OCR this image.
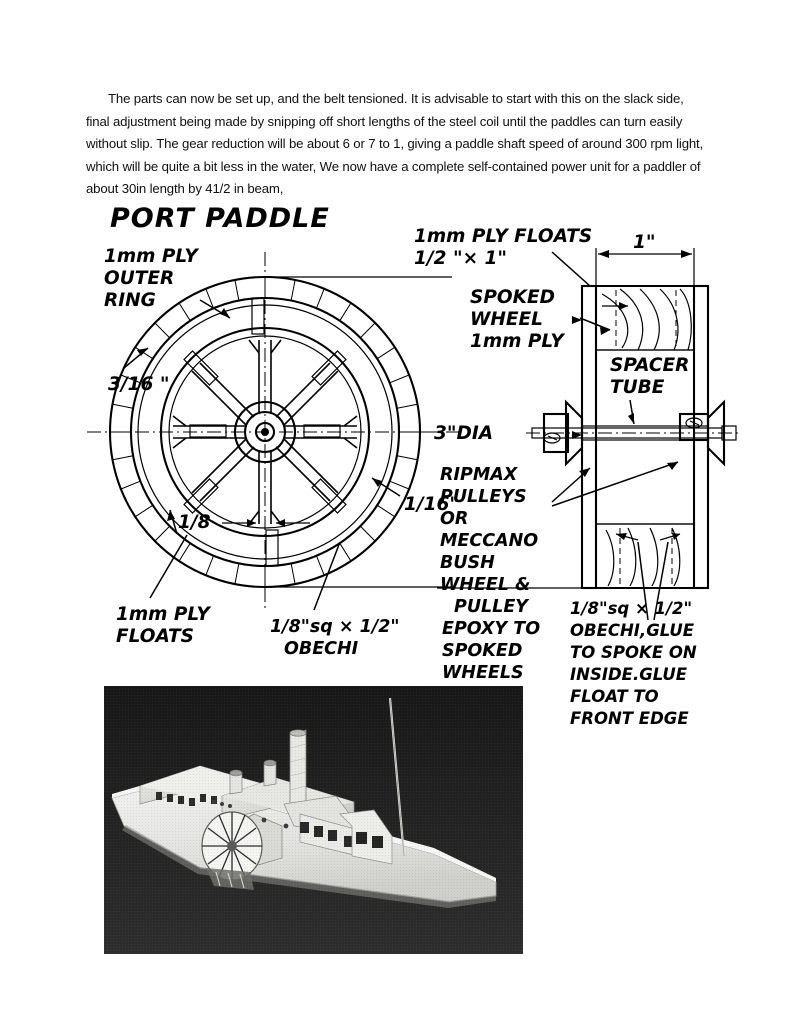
The parts can now be set up, and the belt tensioned. It is advisable to start with this on the slack side, final adjustment being made by snipping off short lengths of the steel coil until the paddles can turn easily without slip. The gear reduction will be about 6 or 7 to 1, giving a paddle shaft speed of around 300 rpm light, which will be quite a bit less in the water, We now have a complete self-contained power unit for a paddler of about 30in length by 41/2 in beam,
PORT PADDLE
1mm PLY
OUTER
RING
3/16 "
1/8
1/16"
1mm PLY
FLOATS	1/8"sq × 1/2"
OBECHI
1mm PLY FLOATS
1/2 "× 1"
SPOKED
WHEEL
1mm PLY
3"DIA
RIPMAX
PULLEYS
OR
MECCANO
BUSH
WHEEL &
PULLEY
EPOXY TO
SPOKED
WHEELS
SPACER
TUBE
1"
1/8"sq × 1/2"
OBECHI,GLUE
TO SPOKE ON
INSIDE.GLUE
FLOAT TO
FRONT EDGE
